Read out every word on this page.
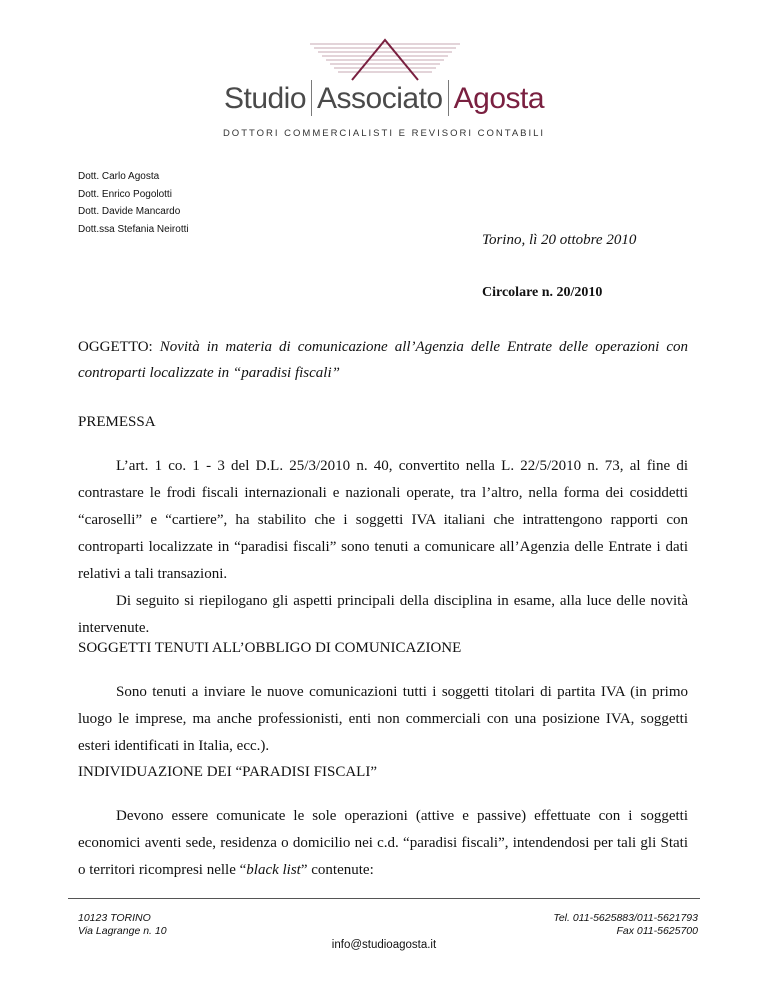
Studio Associato Agosta
DOTTORI COMMERCIALISTI E REVISORI CONTABILI
Dott. Carlo Agosta
Dott. Enrico Pogolotti
Dott. Davide Mancardo
Dott.ssa Stefania Neirotti
Torino, lì 20 ottobre 2010
Circolare n. 20/2010
OGGETTO: Novità in materia di comunicazione all’Agenzia delle Entrate delle operazioni con controparti localizzate in “paradisi fiscali”
PREMESSA
L’art. 1 co. 1 - 3 del D.L. 25/3/2010 n. 40, convertito nella L. 22/5/2010 n. 73, al fine di contrastare le frodi fiscali internazionali e nazionali operate, tra l’altro, nella forma dei cosiddetti “caroselli” e “cartiere”, ha stabilito che i soggetti IVA italiani che intrattengono rapporti con controparti localizzate in “paradisi fiscali” sono tenuti a comunicare all’Agenzia delle Entrate i dati relativi a tali transazioni.
Di seguito si riepilogano gli aspetti principali della disciplina in esame, alla luce delle novità intervenute.
SOGGETTI TENUTI ALL’OBBLIGO DI COMUNICAZIONE
Sono tenuti a inviare le nuove comunicazioni tutti i soggetti titolari di partita IVA (in primo luogo le imprese, ma anche professionisti, enti non commerciali con una posizione IVA, soggetti esteri identificati in Italia, ecc.).
INDIVIDUAZIONE DEI “PARADISI FISCALI”
Devono essere comunicate le sole operazioni (attive e passive) effettuate con i soggetti economici aventi sede, residenza o domicilio nei c.d. “paradisi fiscali”, intendendosi per tali gli Stati o territori ricompresi nelle “black list” contenute:
10123 TORINO
Via Lagrange n. 10
Tel. 011-5625883/011-5621793
Fax 011-5625700
info@studioagosta.it
